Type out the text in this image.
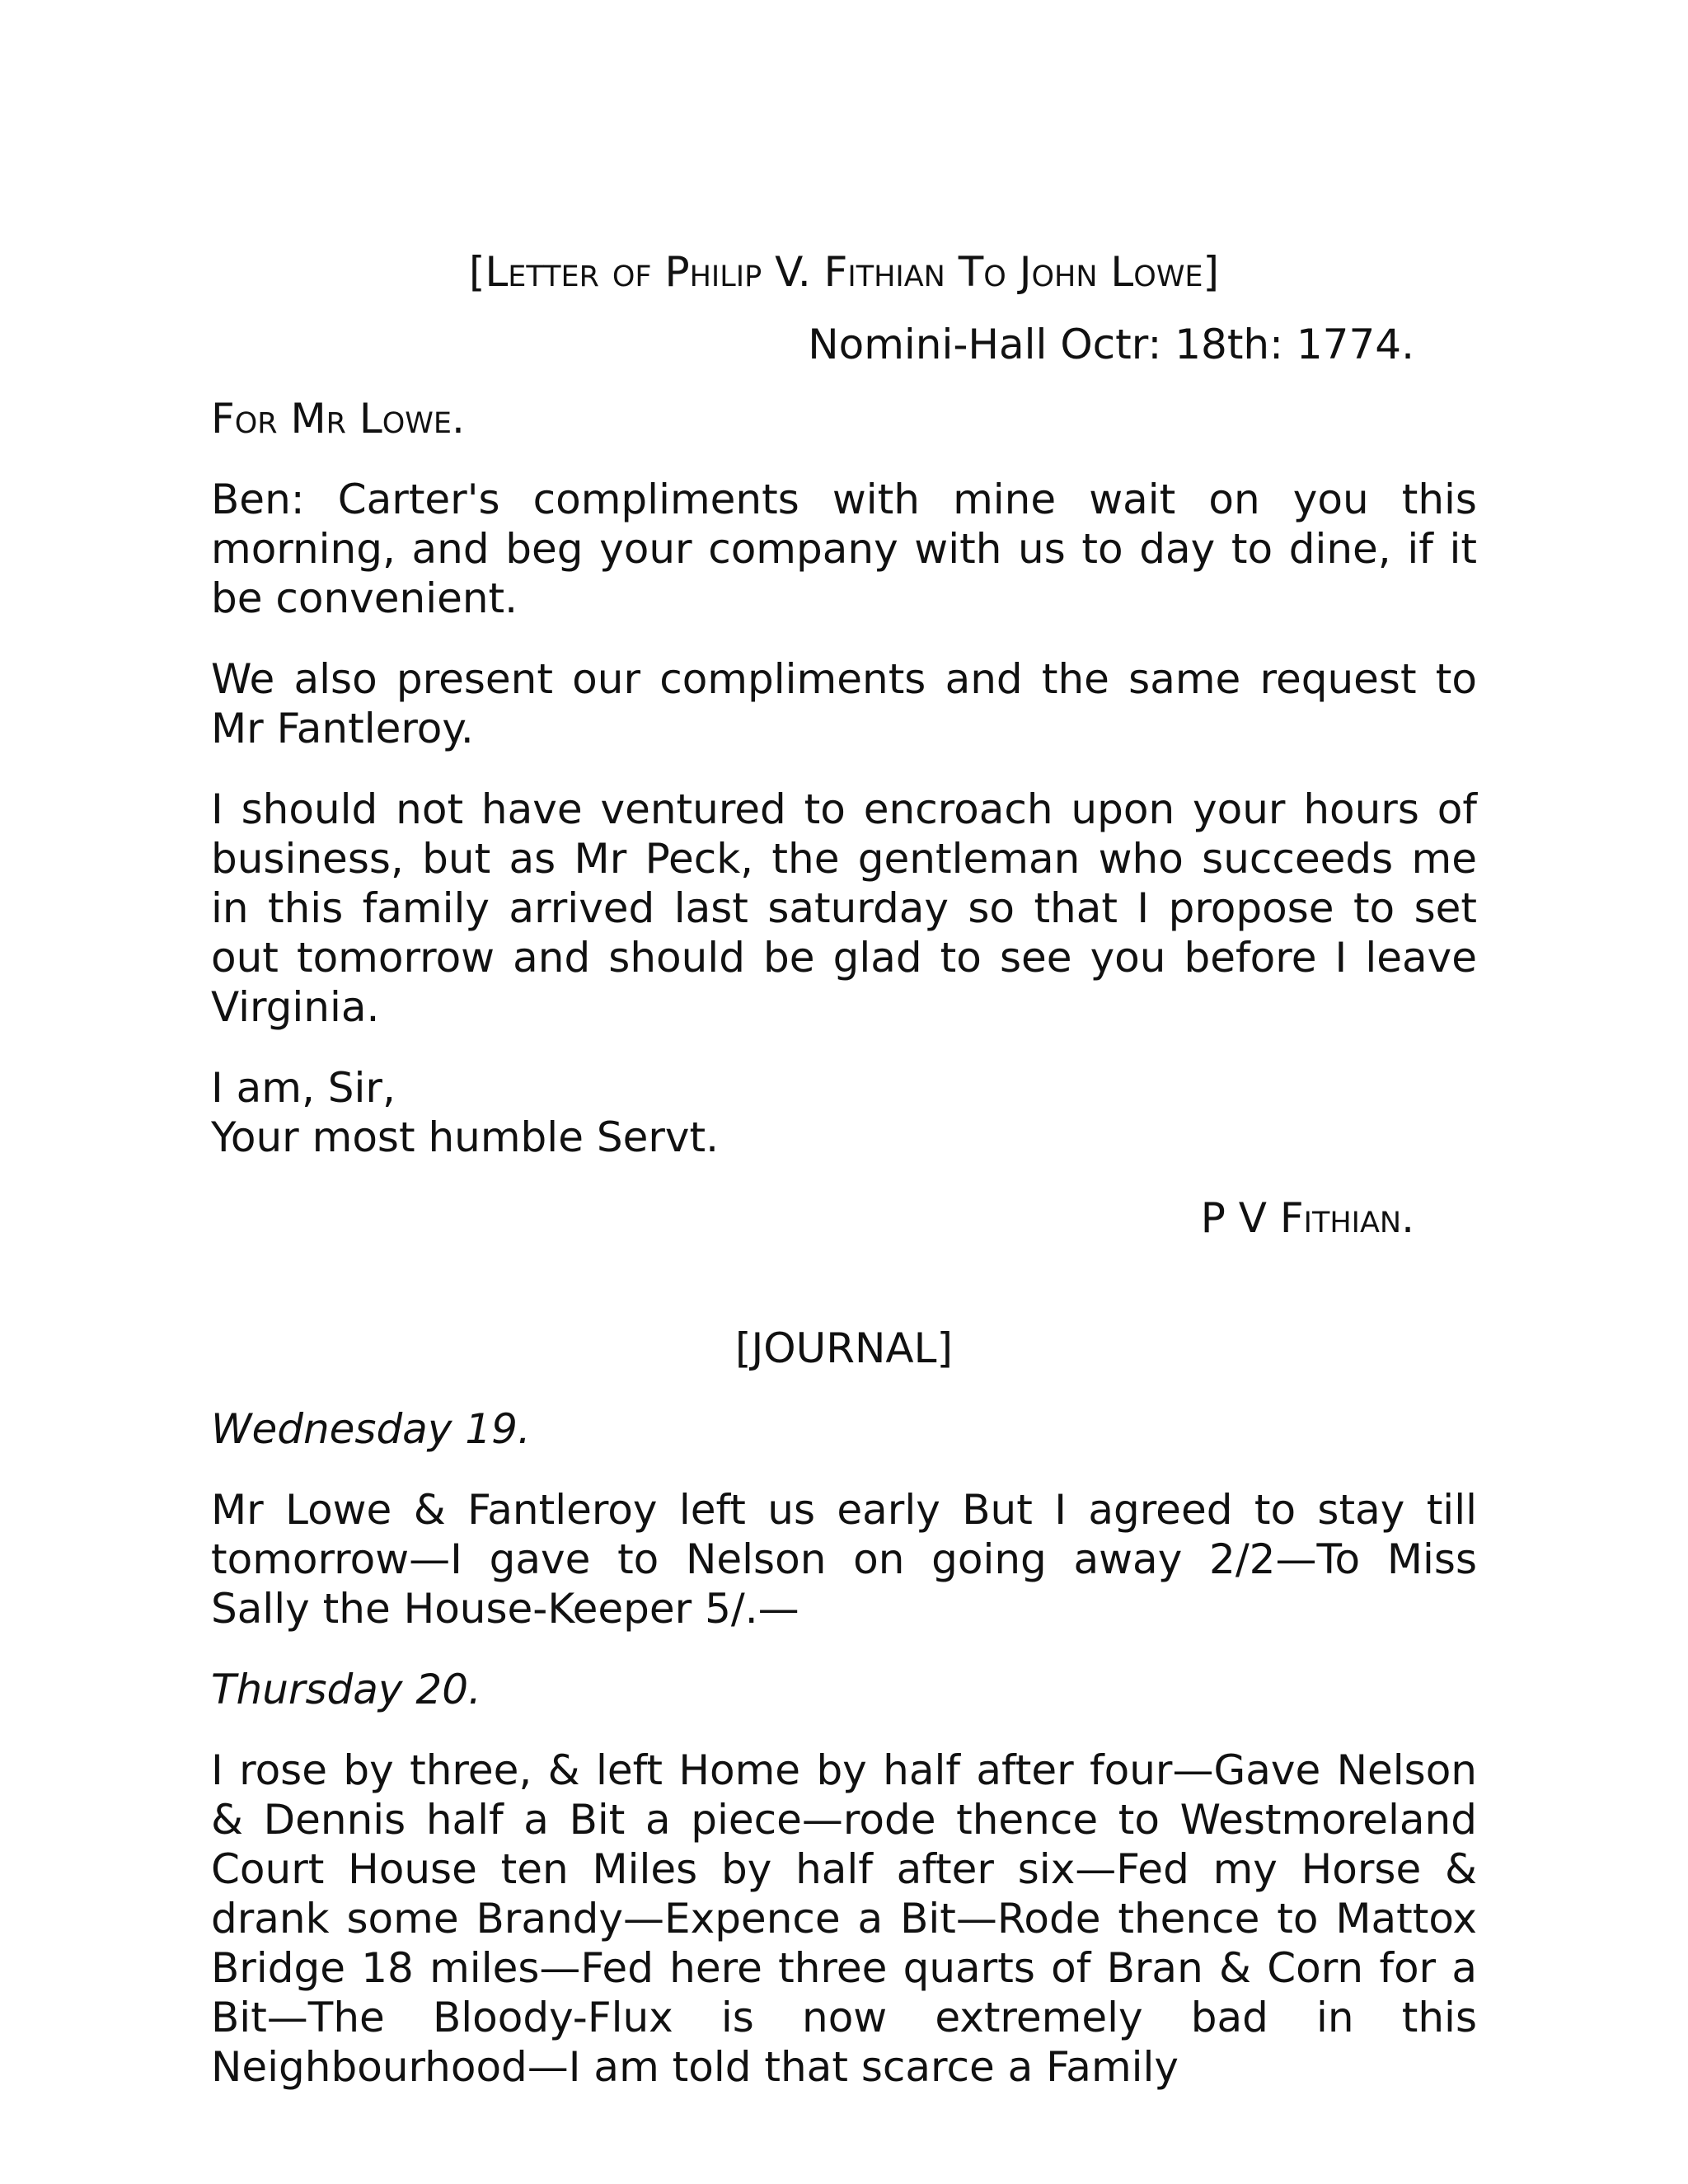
[Letter of Philip V. Fithian To John Lowe]

Nomini-Hall Octr: 18th: 1774.

For Mr Lowe.

Ben: Carter's compliments with mine wait on you this morning, and beg your company with us to day to dine, if it be convenient.

We also present our compliments and the same request to Mr Fantleroy.

I should not have ventured to encroach upon your hours of business, but as Mr Peck, the gentleman who succeeds me in this family arrived last saturday so that I propose to set out tomorrow and should be glad to see you before I leave Virginia.

I am, Sir,
Your most humble Servt.

P V Fithian.

[JOURNAL]

Wednesday 19.

Mr Lowe & Fantleroy left us early But I agreed to stay till tomorrow—I gave to Nelson on going away 2/2—To Miss Sally the House-Keeper 5/.—

Thursday 20.

I rose by three, & left Home by half after four—Gave Nelson & Dennis half a Bit a piece—rode thence to Westmoreland Court House ten Miles by half after six—Fed my Horse & drank some Brandy—Expence a Bit—Rode thence to Mattox Bridge 18 miles—Fed here three quarts of Bran & Corn for a Bit—The Bloody-Flux is now extremely bad in this Neighbourhood—I am told that scarce a Family
